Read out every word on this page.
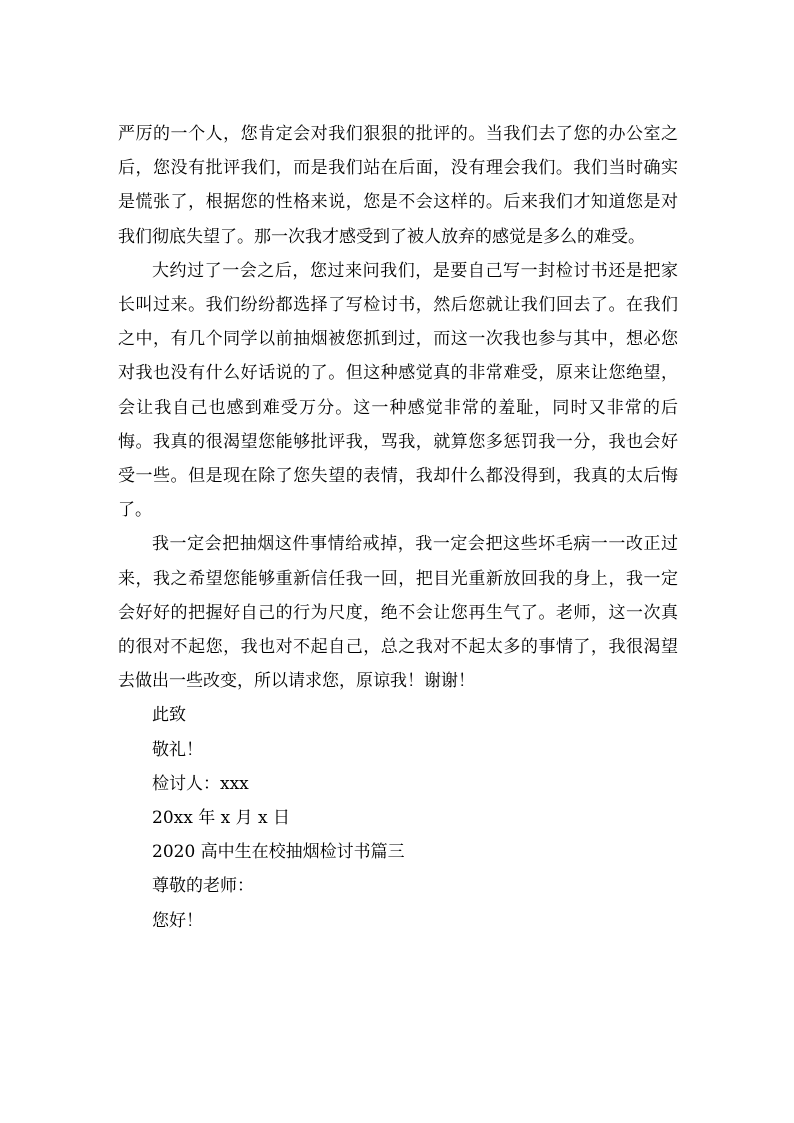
严厉的一个人，您肯定会对我们狠狠的批评的。当我们去了您的办公室之后，您没有批评我们，而是我们站在后面，没有理会我们。我们当时确实是慌张了，根据您的性格来说，您是不会这样的。后来我们才知道您是对我们彻底失望了。那一次我才感受到了被人放弃的感觉是多么的难受。

大约过了一会之后，您过来问我们，是要自己写一封检讨书还是把家长叫过来。我们纷纷都选择了写检讨书，然后您就让我们回去了。在我们之中，有几个同学以前抽烟被您抓到过，而这一次我也参与其中，想必您对我也没有什么好话说的了。但这种感觉真的非常难受，原来让您绝望，会让我自己也感到难受万分。这一种感觉非常的羞耻，同时又非常的后悔。我真的很渴望您能够批评我，骂我，就算您多惩罚我一分，我也会好受一些。但是现在除了您失望的表情，我却什么都没得到，我真的太后悔了。

我一定会把抽烟这件事情给戒掉，我一定会把这些坏毛病一一改正过来，我之希望您能够重新信任我一回，把目光重新放回我的身上，我一定会好好的把握好自己的行为尺度，绝不会让您再生气了。老师，这一次真的很对不起您，我也对不起自己，总之我对不起太多的事情了，我很渴望去做出一些改变，所以请求您，原谅我！谢谢！

此致

敬礼！

检讨人：xxx

20xx 年 x 月 x 日

2020 高中生在校抽烟检讨书篇三

尊敬的老师：

您好！
